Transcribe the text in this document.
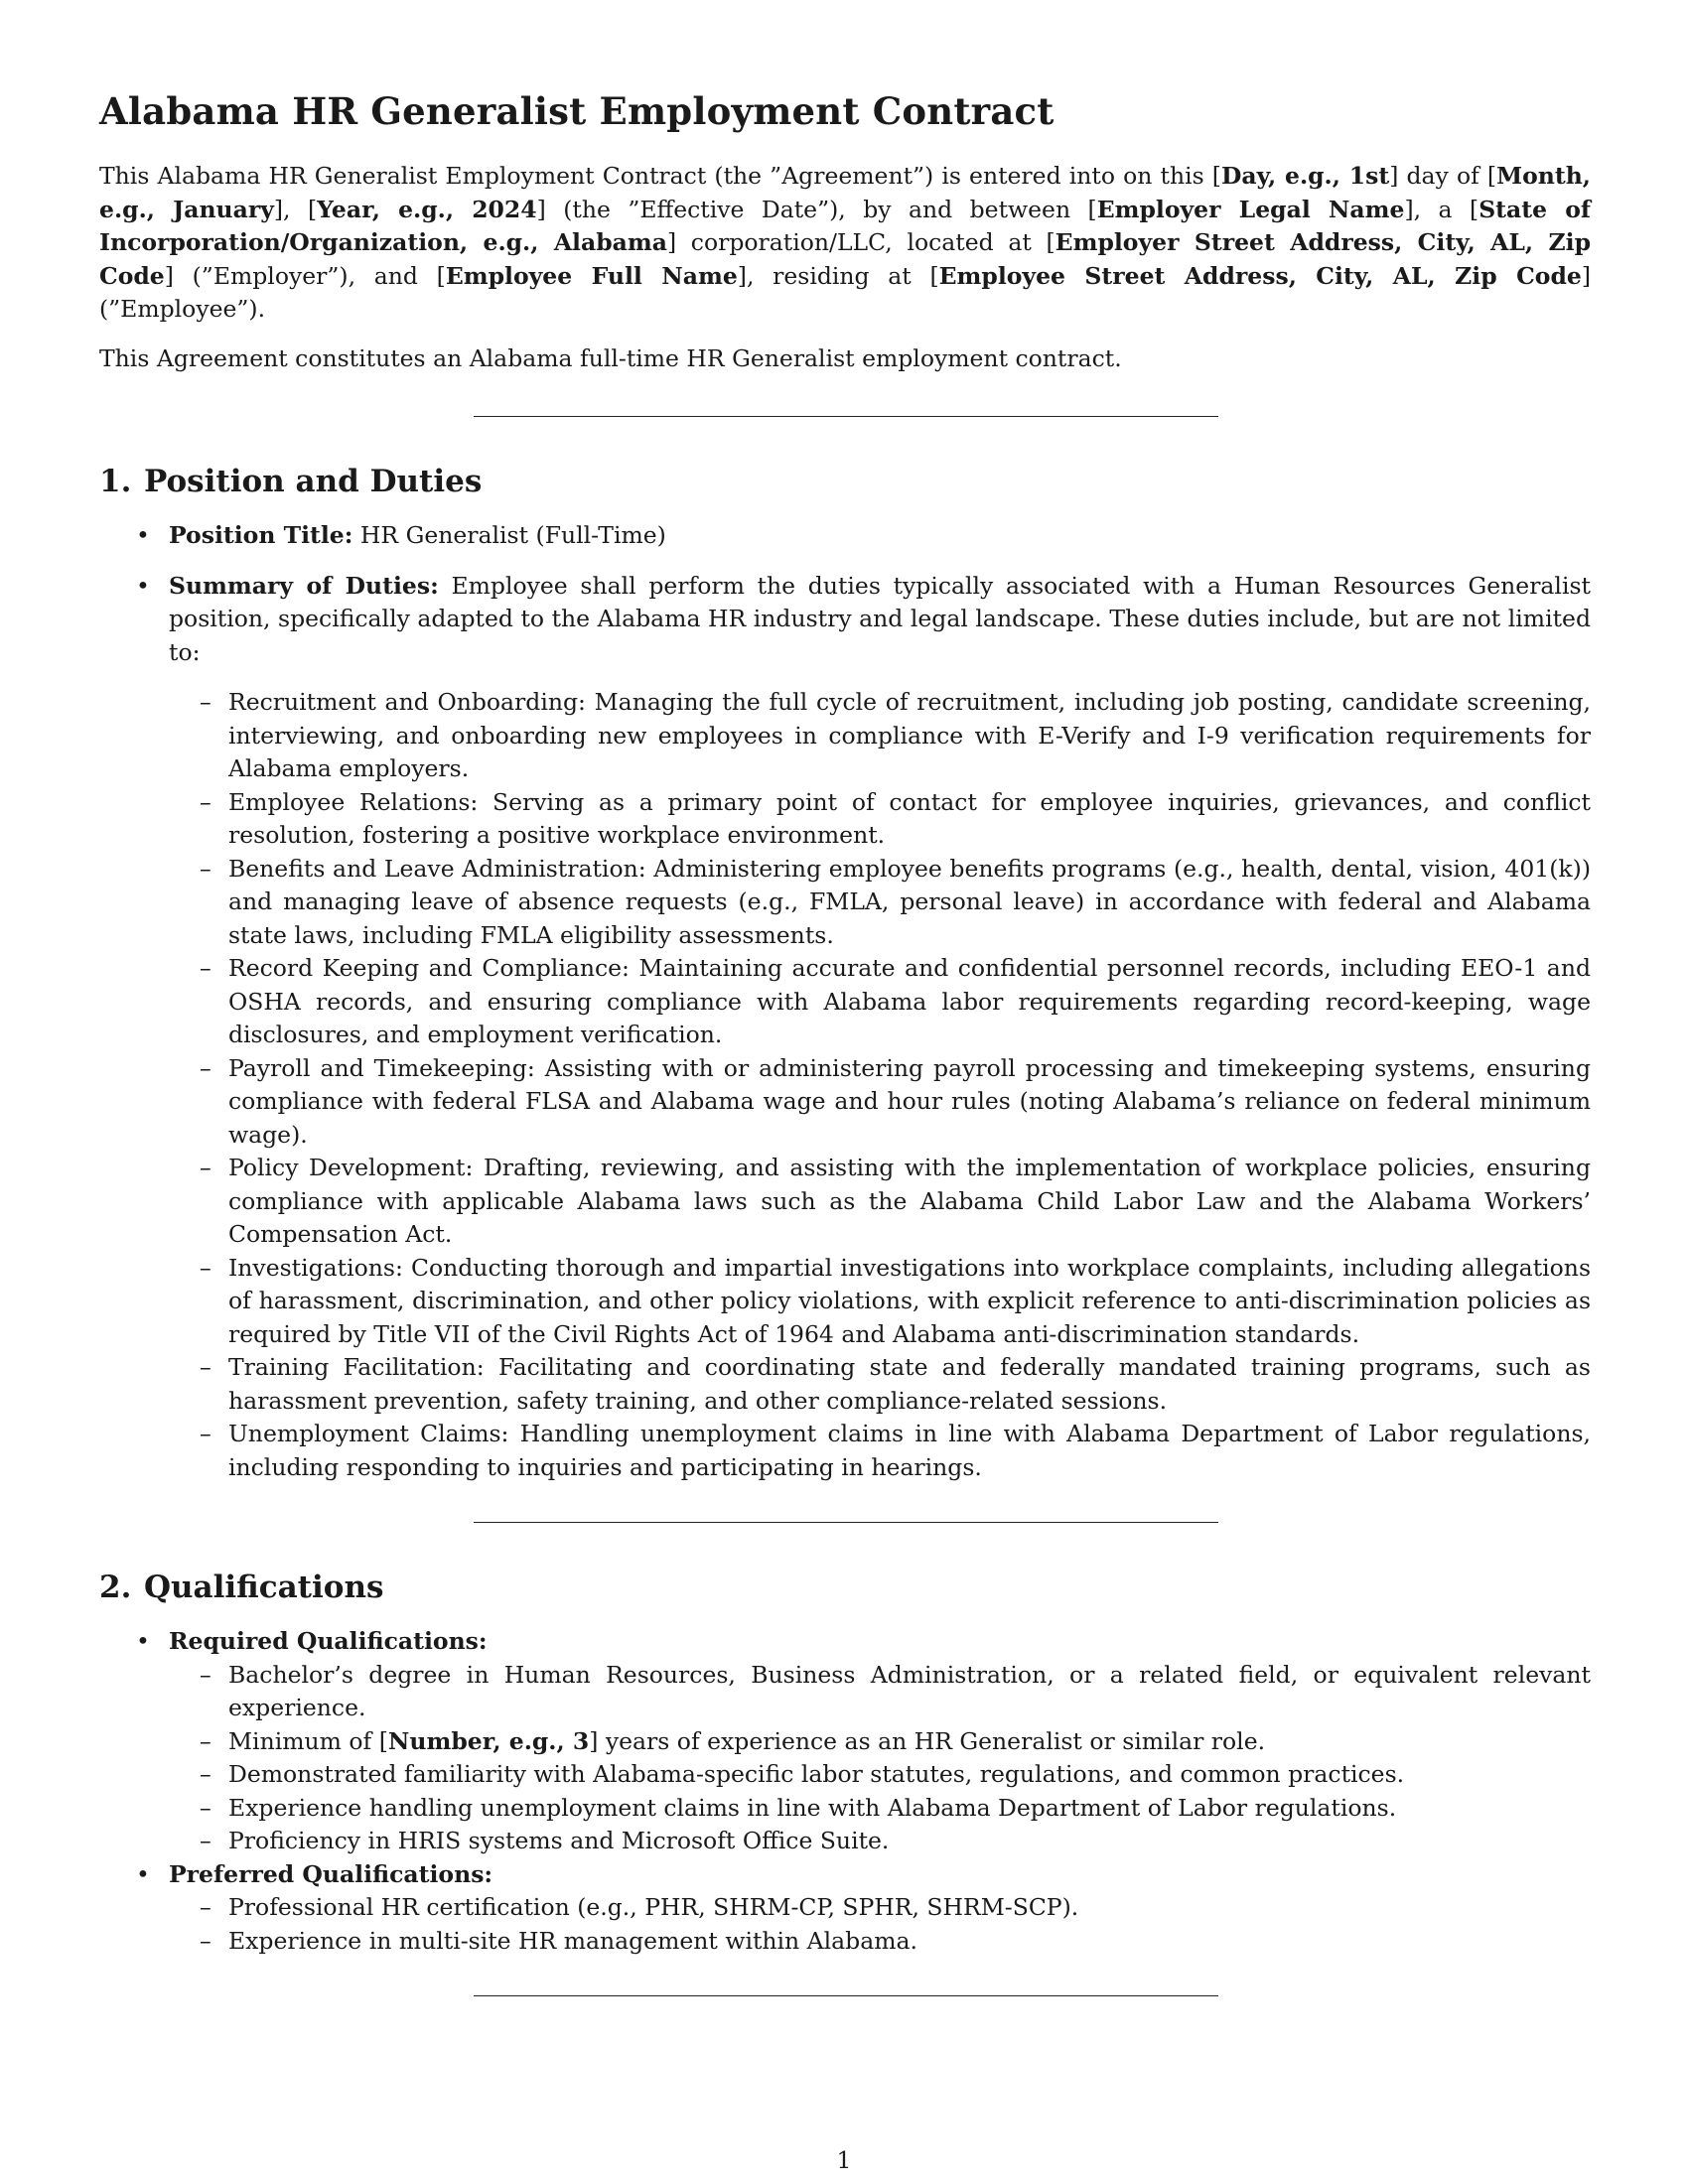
Alabama HR Generalist Employment Contract

This Alabama HR Generalist Employment Contract (the ”Agreement”) is entered into on this [Day, e.g., 1st] day of [Month, e.g., January], [Year, e.g., 2024] (the ”Effective Date”), by and between [Employer Legal Name], a [State of Incorporation/Organization, e.g., Alabama] corporation/LLC, located at [Employer Street Address, City, AL, Zip Code] (”Employer”), and [Employee Full Name], residing at [Employee Street Address, City, AL, Zip Code] (”Employee”).

This Agreement constitutes an Alabama full-time HR Generalist employment contract.

1. Position and Duties
• Position Title: HR Generalist (Full-Time)
• Summary of Duties: Employee shall perform the duties typically associated with a Human Resources Generalist position, specifically adapted to the Alabama HR industry and legal landscape. These duties include, but are not limited to:
– Recruitment and Onboarding: Managing the full cycle of recruitment, including job posting, candidate screening, interviewing, and onboarding new employees in compliance with E-Verify and I-9 verification requirements for Alabama employers.
– Employee Relations: Serving as a primary point of contact for employee inquiries, grievances, and conflict resolution, fostering a positive workplace environment.
– Benefits and Leave Administration: Administering employee benefits programs (e.g., health, dental, vision, 401(k)) and managing leave of absence requests (e.g., FMLA, personal leave) in accordance with federal and Alabama state laws, including FMLA eligibility assessments.
– Record Keeping and Compliance: Maintaining accurate and confidential personnel records, including EEO-1 and OSHA records, and ensuring compliance with Alabama labor requirements regarding record-keeping, wage disclosures, and employment verification.
– Payroll and Timekeeping: Assisting with or administering payroll processing and timekeeping systems, ensuring compliance with federal FLSA and Alabama wage and hour rules (noting Alabama’s reliance on federal minimum wage).
– Policy Development: Drafting, reviewing, and assisting with the implementation of workplace policies, ensuring compliance with applicable Alabama laws such as the Alabama Child Labor Law and the Alabama Workers’ Compensation Act.
– Investigations: Conducting thorough and impartial investigations into workplace complaints, including allegations of harassment, discrimination, and other policy violations, with explicit reference to anti-discrimination policies as required by Title VII of the Civil Rights Act of 1964 and Alabama anti-discrimination standards.
– Training Facilitation: Facilitating and coordinating state and federally mandated training programs, such as harassment prevention, safety training, and other compliance-related sessions.
– Unemployment Claims: Handling unemployment claims in line with Alabama Department of Labor regulations, including responding to inquiries and participating in hearings.
2. Qualifications
• Required Qualifications:
– Bachelor’s degree in Human Resources, Business Administration, or a related field, or equivalent relevant experience.
– Minimum of [Number, e.g., 3] years of experience as an HR Generalist or similar role.
– Demonstrated familiarity with Alabama-specific labor statutes, regulations, and common practices.
– Experience handling unemployment claims in line with Alabama Department of Labor regulations.
– Proficiency in HRIS systems and Microsoft Office Suite.
• Preferred Qualifications:
– Professional HR certification (e.g., PHR, SHRM-CP, SPHR, SHRM-SCP).
– Experience in multi-site HR management within Alabama.
1
